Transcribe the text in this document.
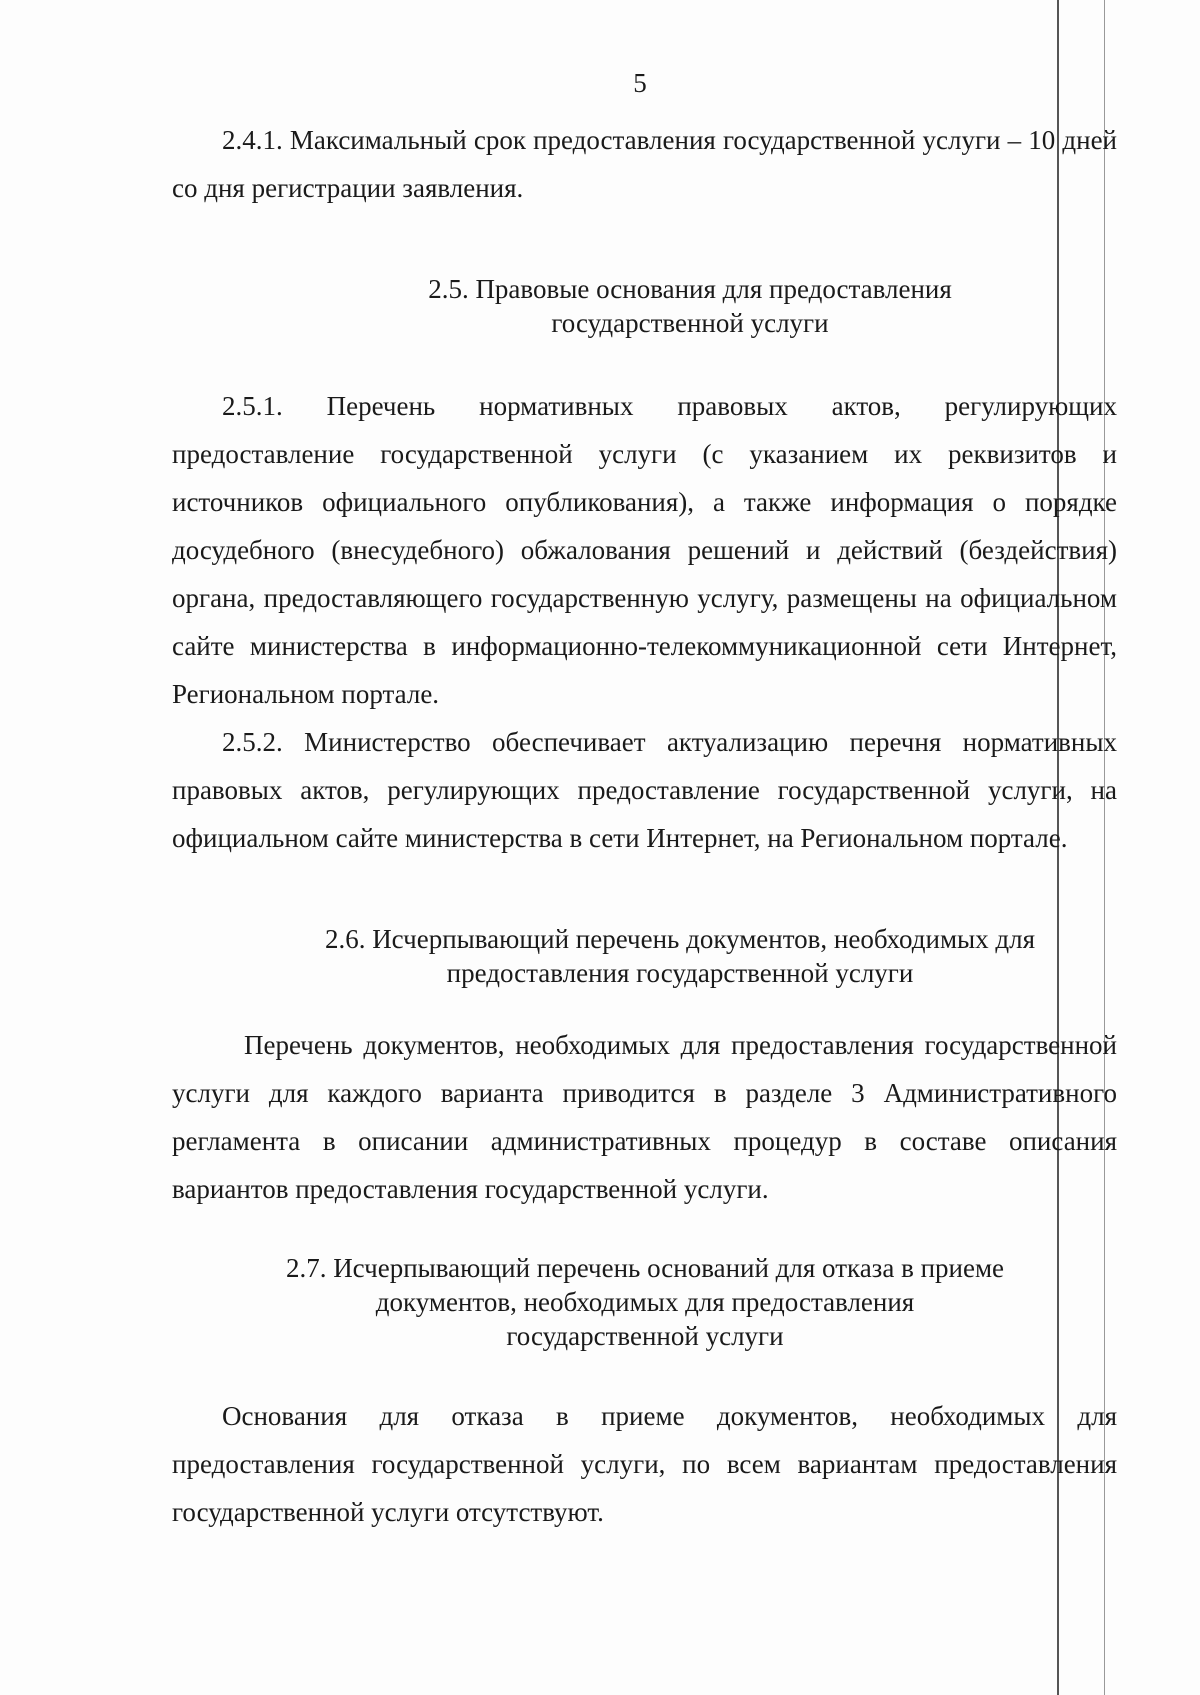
5

2.4.1. Максимальный срок предоставления государственной услуги – 10 дней со дня регистрации заявления.

2.5. Правовые основания для предоставления
государственной услуги

2.5.1. Перечень нормативных правовых актов, регулирующих предоставление государственной услуги (с указанием их реквизитов и источников официального опубликования), а также информация о порядке досудебного (внесудебного) обжалования решений и действий (бездействия) органа, предоставляющего государственную услугу, размещены на официальном сайте министерства в информационно-телекоммуникационной сети Интернет, Региональном портале.

2.5.2. Министерство обеспечивает актуализацию перечня нормативных правовых актов, регулирующих предоставление государственной услуги, на официальном сайте министерства в сети Интернет, на Региональном портале.

2.6. Исчерпывающий перечень документов, необходимых для
предоставления государственной услуги

Перечень документов, необходимых для предоставления государственной услуги для каждого варианта приводится в разделе 3 Административного регламента в описании административных процедур в составе описания вариантов предоставления государственной услуги.

2.7. Исчерпывающий перечень оснований для отказа в приеме
документов, необходимых для предоставления
государственной услуги

Основания для отказа в приеме документов, необходимых для предоставления государственной услуги, по всем вариантам предоставления государственной услуги отсутствуют.
